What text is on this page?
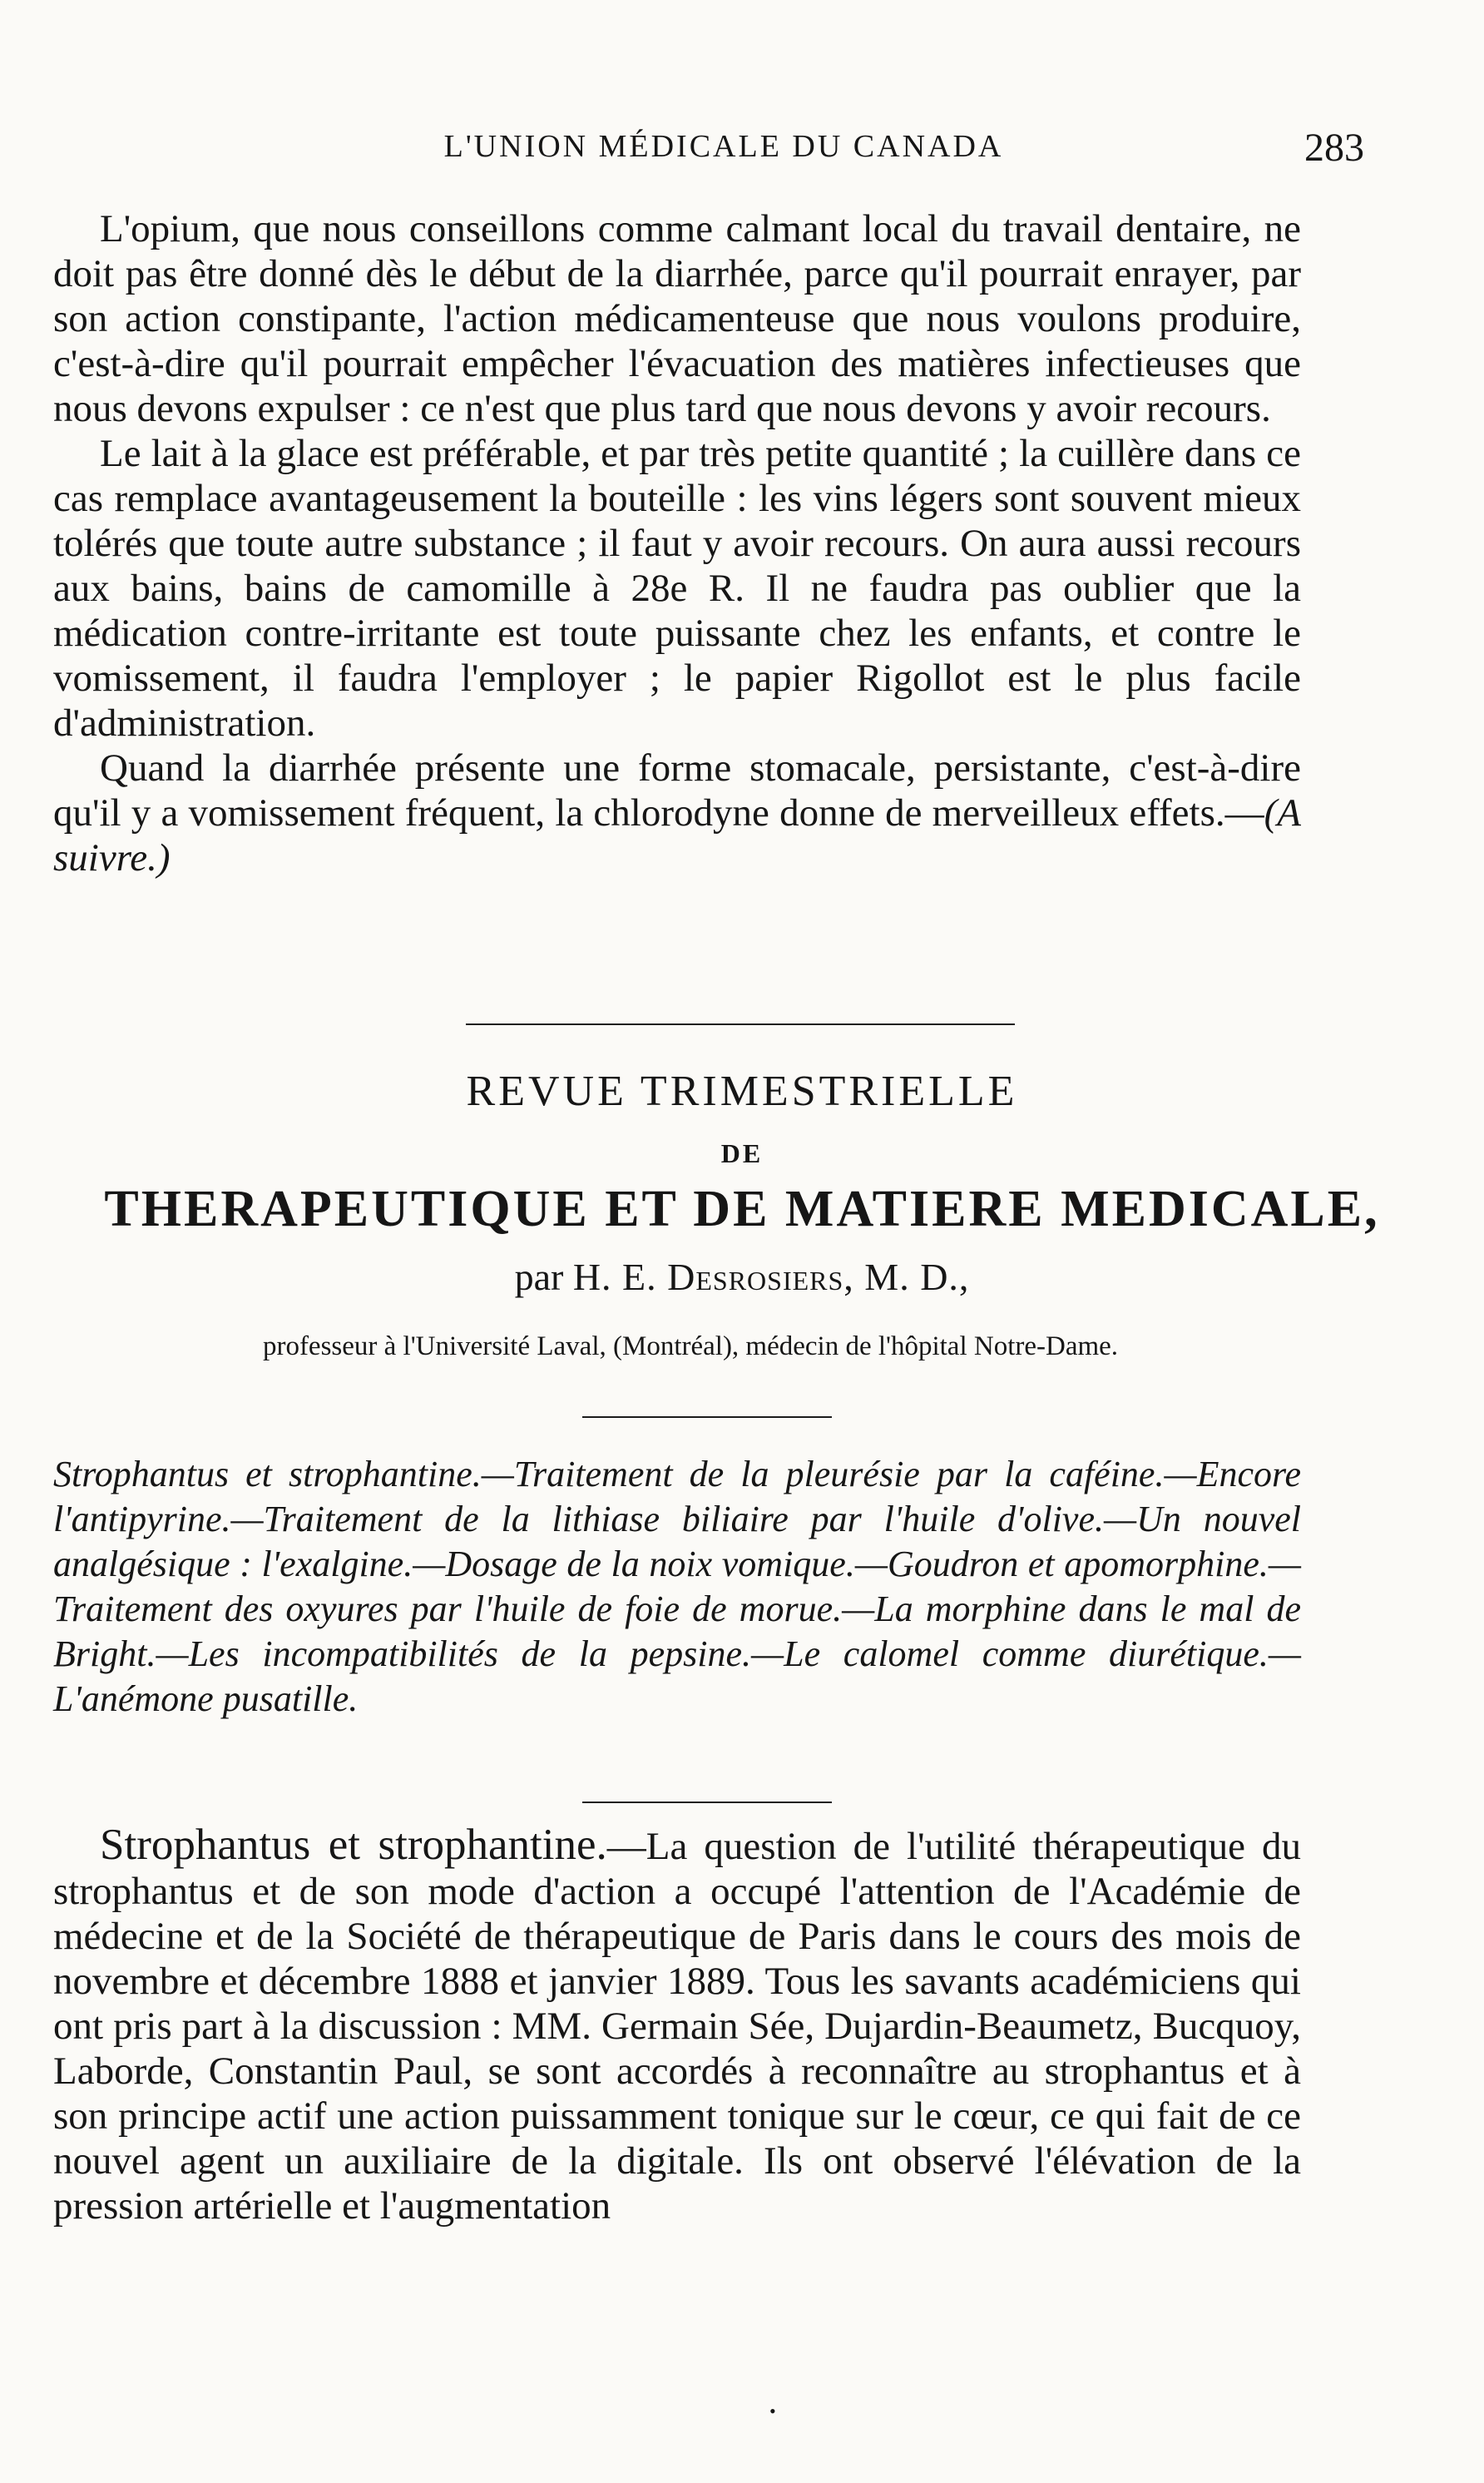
L'UNION MÉDICALE DU CANADA	283

L'opium, que nous conseillons comme calmant local du travail dentaire, ne doit pas être donné dès le début de la diarrhée, parce qu'il pourrait enrayer, par son action constipante, l'action médicamenteuse que nous voulons produire, c'est-à-dire qu'il pourrait empêcher l'évacuation des matières infectieuses que nous devons expulser : ce n'est que plus tard que nous devons y avoir recours.

Le lait à la glace est préférable, et par très petite quantité ; la cuillère dans ce cas remplace avantageusement la bouteille : les vins légers sont souvent mieux tolérés que toute autre substance ; il faut y avoir recours. On aura aussi recours aux bains, bains de camomille à 28e R. Il ne faudra pas oublier que la médication contre-irritante est toute puissante chez les enfants, et contre le vomissement, il faudra l'employer ; le papier Rigollot est le plus facile d'administration.

Quand la diarrhée présente une forme stomacale, persistante, c'est-à-dire qu'il y a vomissement fréquent, la chlorodyne donne de merveilleux effets.—(A suivre.)

REVUE TRIMESTRIELLE
DE
THERAPEUTIQUE ET DE MATIERE MEDICALE,
par H. E. Desrosiers, M. D.,
professeur à l'Université Laval, (Montréal), médecin de l'hôpital Notre-Dame.
Strophantus et strophantine.—Traitement de la pleurésie par la caféine.—Encore l'antipyrine.—Traitement de la lithiase biliaire par l'huile d'olive.—Un nouvel analgésique : l'exalgine.—Dosage de la noix vomique.—Goudron et apomorphine.—Traitement des oxyures par l'huile de foie de morue.—La morphine dans le mal de Bright.—Les incompatibilités de la pepsine.—Le calomel comme diurétique.—L'anémone pusatille.

Strophantus et strophantine.—La question de l'utilité thérapeutique du strophantus et de son mode d'action a occupé l'attention de l'Académie de médecine et de la Société de thérapeutique de Paris dans le cours des mois de novembre et décembre 1888 et janvier 1889. Tous les savants académiciens qui ont pris part à la discussion : MM. Germain Sée, Dujardin-Beaumetz, Bucquoy, Laborde, Constantin Paul, se sont accordés à reconnaître au strophantus et à son principe actif une action puissamment tonique sur le cœur, ce qui fait de ce nouvel agent un auxiliaire de la digitale. Ils ont observé l'élévation de la pression artérielle et l'augmentation

•
